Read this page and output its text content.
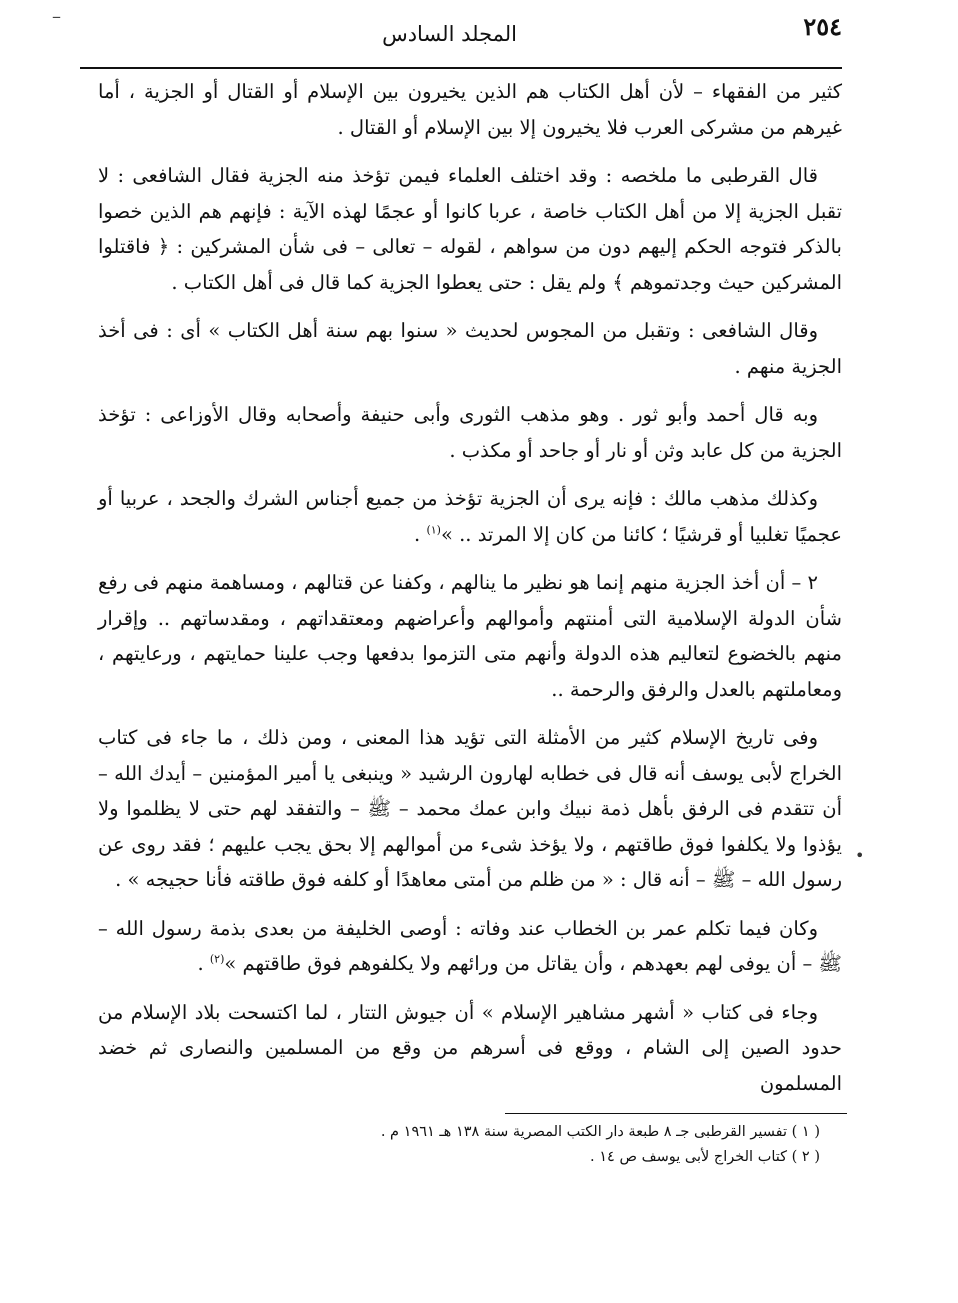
–	٢٥٤
المجلد السادس

كثير من الفقهاء – لأن أهل الكتاب هم الذين يخيرون بين الإسلام أو القتال أو الجزية ، أما غيرهم من مشركى العرب فلا يخيرون إلا بين الإسلام أو القتال .

قال القرطبى ما ملخصه : وقد اختلف العلماء فيمن تؤخذ منه الجزية فقال الشافعى : لا تقبل الجزية إلا من أهل الكتاب خاصة ، عربا كانوا أو عجمًا لهذه الآية : فإنهم هم الذين خصوا بالذكر فتوجه الحكم إليهم دون من سواهم ، لقوله – تعالى – فى شأن المشركين : ﴿ فاقتلوا المشركين حيث وجدتموهم ﴾ ولم يقل : حتى يعطوا الجزية كما قال فى أهل الكتاب .

وقال الشافعى : وتقبل من المجوس لحديث « سنوا بهم سنة أهل الكتاب » أى : فى أخذ الجزية منهم .

وبه قال أحمد وأبو ثور . وهو مذهب الثورى وأبى حنيفة وأصحابه وقال الأوزاعى : تؤخذ الجزية من كل عابد وثن أو نار أو جاحد أو مكذب .

وكذلك مذهب مالك : فإنه يرى أن الجزية تؤخذ من جميع أجناس الشرك والجحد ، عربيا أو عجميًا تغلبيا أو قرشيًا ؛ كائنا من كان إلا المرتد .. »$^{(١)}$ .

٢ – أن أخذ الجزية منهم إنما هو نظير ما ينالهم ، وكفنا عن قتالهم ، ومساهمة منهم فى رفع شأن الدولة الإسلامية التى أمنتهم وأموالهم وأعراضهم ومعتقداتهم ، ومقدساتهم .. وإقرار منهم بالخضوع لتعاليم هذه الدولة وأنهم متى التزموا بدفعها وجب علينا حمايتهم ، ورعايتهم ، ومعاملتهم بالعدل والرفق والرحمة ..

وفى تاريخ الإسلام كثير من الأمثلة التى تؤيد هذا المعنى ، ومن ذلك ، ما جاء فى كتاب الخراج لأبى يوسف أنه قال فى خطابه لهارون الرشيد « وينبغى يا أمير المؤمنين – أيدك الله – أن تتقدم فى الرفق بأهل ذمة نبيك وابن عمك محمد – ﷺ – والتفقد لهم حتى لا يظلموا ولا يؤذوا ولا يكلفوا فوق طاقتهم ، ولا يؤخذ شىء من أموالهم إلا بحق يجب عليهم ؛ فقد روى عن رسول الله – ﷺ – أنه قال : « من ظلم من أمتى معاهدًا أو كلفه فوق طاقته فأنا حجيجه » .

وكان فيما تكلم عمر بن الخطاب عند وفاته : أوصى الخليفة من بعدى بذمة رسول الله – ﷺ – أن يوفى لهم بعهدهم ، وأن يقاتل من ورائهم ولا يكلفوهم فوق طاقتهم »$^{(٢)}$ .

وجاء فى كتاب « أشهر مشاهير الإسلام » أن جيوش التتار ، لما اكتسحت بلاد الإسلام من حدود الصين إلى الشام ، ووقع فى أسرهم من وقع من المسلمين والنصارى ثم خضد المسلمون

•

( ١ ) تفسير القرطبى جـ ٨ طبعة دار الكتب المصرية سنة ١٣٨ هـ ١٩٦١ م .

( ٢ ) كتاب الخراج لأبى يوسف ص ١٤ .
